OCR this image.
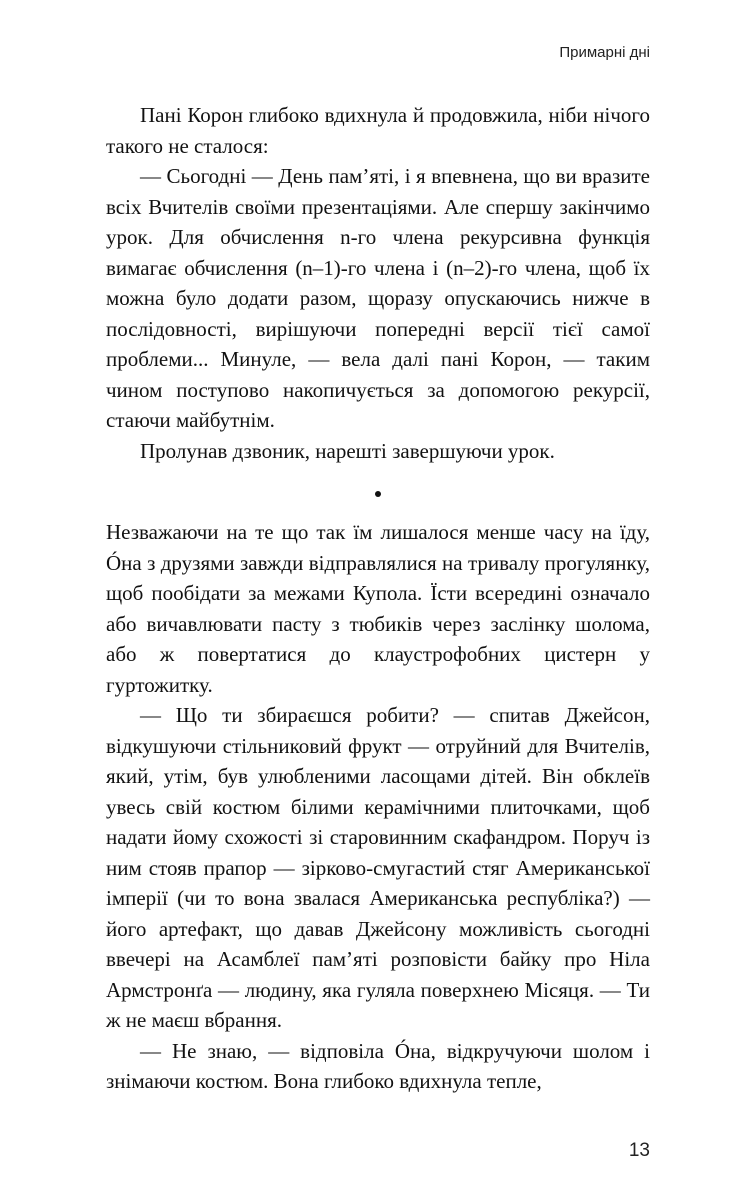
Примарні дні

Пані Корон глибоко вдихнула й продовжила, ніби нічого такого не сталося:

— Сьогодні — День пам’яті, і я впевнена, що ви вразите всіх Вчителів своїми презентаціями. Але спершу закінчимо урок. Для обчислення n-го члена рекурсивна функція вимагає обчислення (n–1)-го члена і (n–2)-го члена, щоб їх можна було додати разом, щоразу опускаючись нижче в послідовності, вирішуючи попередні версії тієї самої проблеми... Минуле, — вела далі пані Корон, — таким чином поступово накопичується за допомогою рекурсії, стаючи майбутнім.

Пролунав дзвоник, нарешті завершуючи урок.

Незважаючи на те що так їм лишалося менше часу на їду, Óна з друзями завжди відправлялися на тривалу прогулянку, щоб пообідати за межами Купола. Їсти всередині означало або вичавлювати пасту з тюбиків через заслінку шолома, або ж повертатися до клаустрофобних цистерн у гуртожитку.

— Що ти збираєшся робити? — спитав Джейсон, відкушуючи стільниковий фрукт — отруйний для Вчителів, який, утім, був улюбленими ласощами дітей. Він обклеїв увесь свій костюм білими керамічними плиточками, щоб надати йому схожості зі старовинним скафандром. Поруч із ним стояв прапор — зірково-смугастий стяг Американської імперії (чи то вона звалася Американська республіка?) — його артефакт, що давав Джейсону можливість сьогодні ввечері на Асамблеї пам’яті розповісти байку про Ніла Армстронґа — людину, яка гуляла поверхнею Місяця. — Ти ж не маєш вбрання.

— Не знаю, — відповіла Óна, відкручуючи шолом і знімаючи костюм. Вона глибоко вдихнула тепле,

13
